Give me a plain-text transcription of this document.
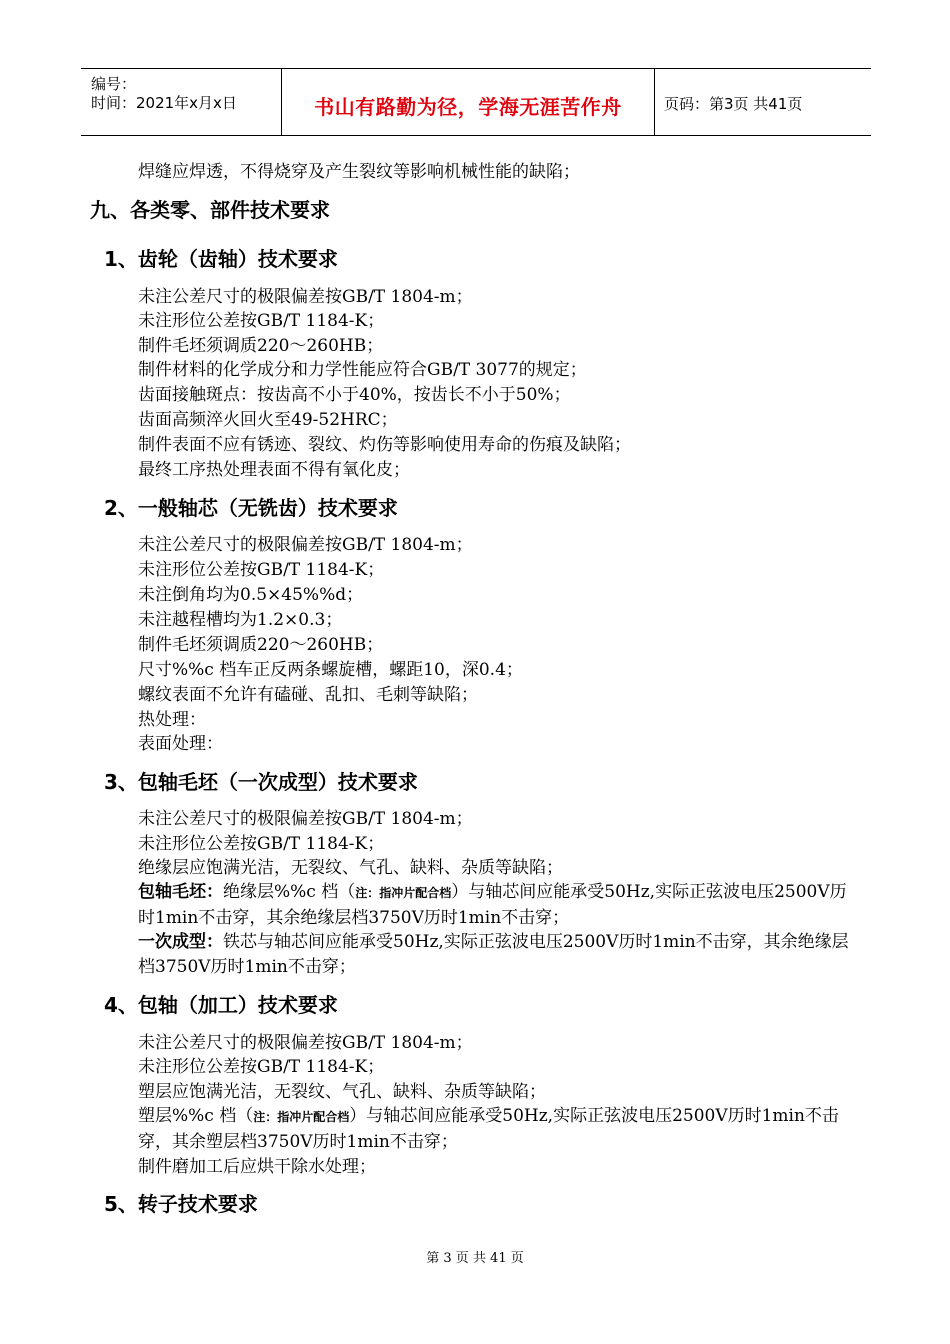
编号：
时间：2021年x月x日	书山有路勤为径，学海无涯苦作舟	页码：第3页 共41页
焊缝应焊透，不得烧穿及产生裂纹等影响机械性能的缺陷；
九、各类零、部件技术要求
1、齿轮（齿轴）技术要求
未注公差尺寸的极限偏差按GB/T 1804-m；
未注形位公差按GB/T 1184-K；
制件毛坯须调质220～260HB；
制件材料的化学成分和力学性能应符合GB/T 3077的规定；
齿面接触斑点：按齿高不小于40%，按齿长不小于50%；
齿面高频淬火回火至49-52HRC；
制件表面不应有锈迹、裂纹、灼伤等影响使用寿命的伤痕及缺陷；
最终工序热处理表面不得有氧化皮；
2、一般轴芯（无铣齿）技术要求
未注公差尺寸的极限偏差按GB/T 1804-m；
未注形位公差按GB/T 1184-K；
未注倒角均为0.5×45%%d；
未注越程槽均为1.2×0.3；
制件毛坯须调质220～260HB；
尺寸%%c 档车正反两条螺旋槽，螺距10，深0.4；
螺纹表面不允许有磕碰、乱扣、毛刺等缺陷；
热处理：
表面处理：
3、包轴毛坯（一次成型）技术要求
未注公差尺寸的极限偏差按GB/T 1804-m；
未注形位公差按GB/T 1184-K；
绝缘层应饱满光洁，无裂纹、气孔、缺料、杂质等缺陷；
包轴毛坯：绝缘层%%c 档（注：指冲片配合档）与轴芯间应能承受50Hz,实际正弦波电压2500V历时1min不击穿，其余绝缘层档3750V历时1min不击穿；
一次成型：铁芯与轴芯间应能承受50Hz,实际正弦波电压2500V历时1min不击穿，其余绝缘层档3750V历时1min不击穿；
4、包轴（加工）技术要求
未注公差尺寸的极限偏差按GB/T 1804-m；
未注形位公差按GB/T 1184-K；
塑层应饱满光洁，无裂纹、气孔、缺料、杂质等缺陷；
塑层%%c 档（注：指冲片配合档）与轴芯间应能承受50Hz,实际正弦波电压2500V历时1min不击穿，其余塑层档3750V历时1min不击穿；
制件磨加工后应烘干除水处理；
5、转子技术要求
第 3 页 共 41 页
